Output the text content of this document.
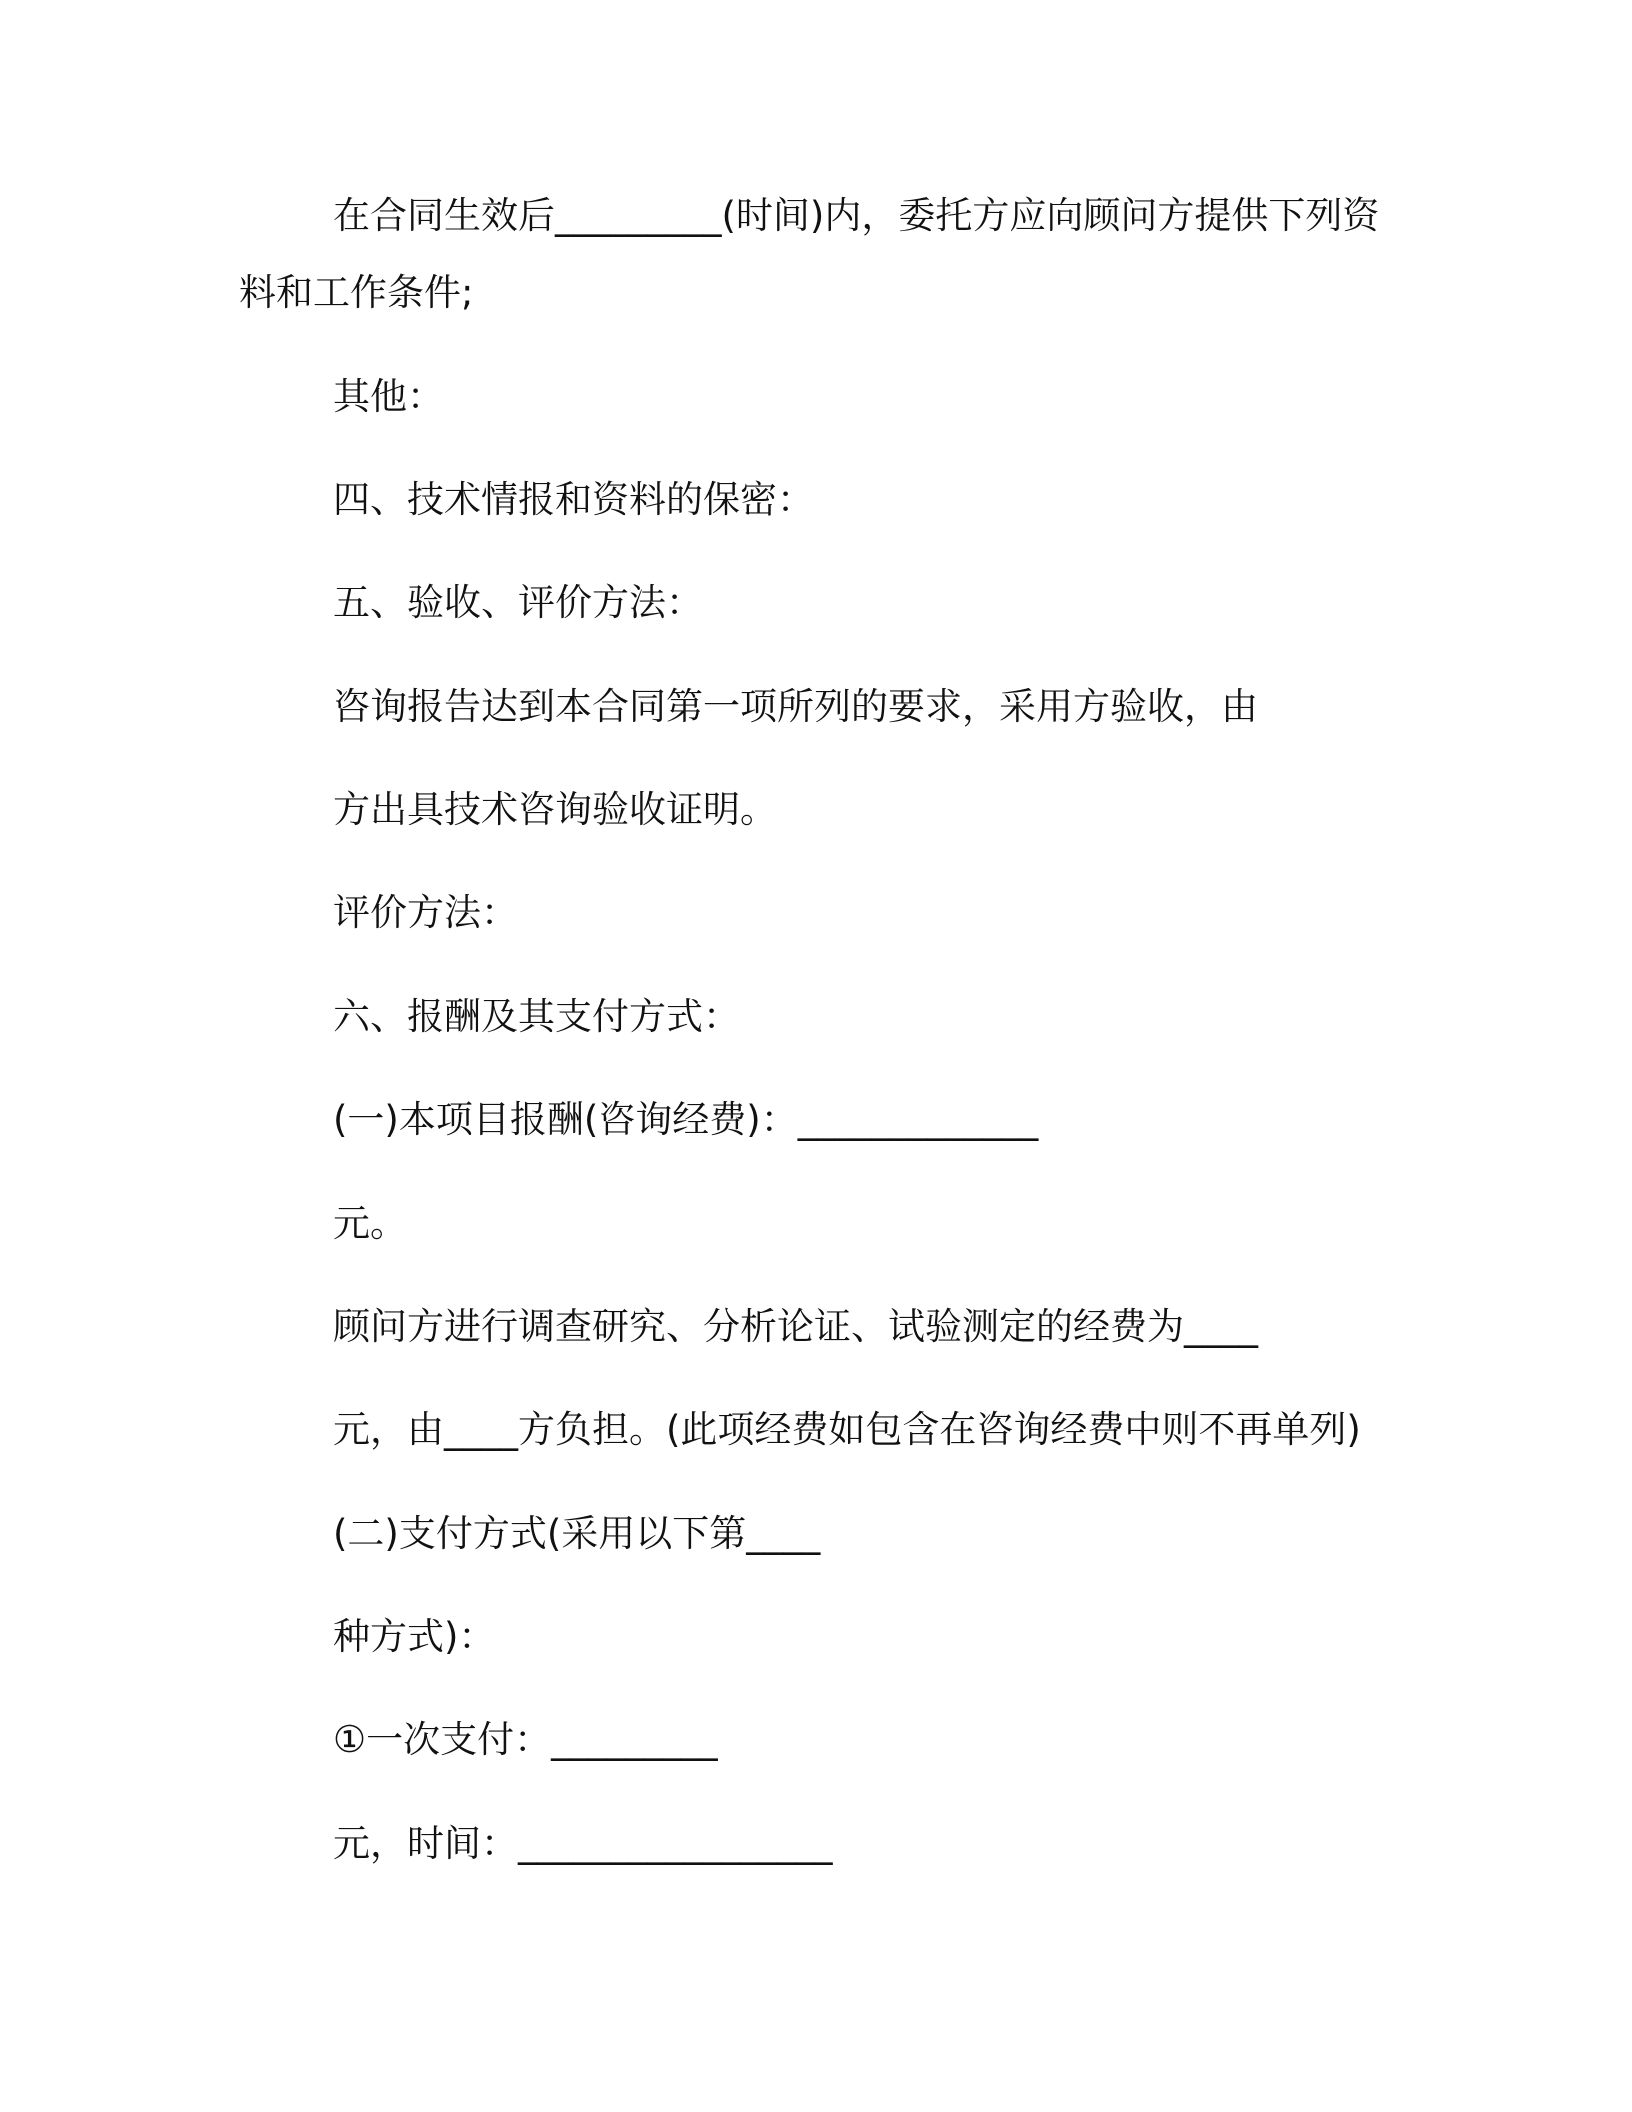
在合同生效后_________(时间)内，委托方应向顾问方提供下列资
料和工作条件;
其他：
四、技术情报和资料的保密：
五、验收、评价方法：
咨询报告达到本合同第一项所列的要求，采用方验收，由
方出具技术咨询验收证明。
评价方法：
六、报酬及其支付方式：
(一)本项目报酬(咨询经费)：_____________
元。
顾问方进行调查研究、分析论证、试验测定的经费为____
元，由____方负担。(此项经费如包含在咨询经费中则不再单列)
(二)支付方式(采用以下第____
种方式)：
①一次支付：_________
元，时间：_________________
